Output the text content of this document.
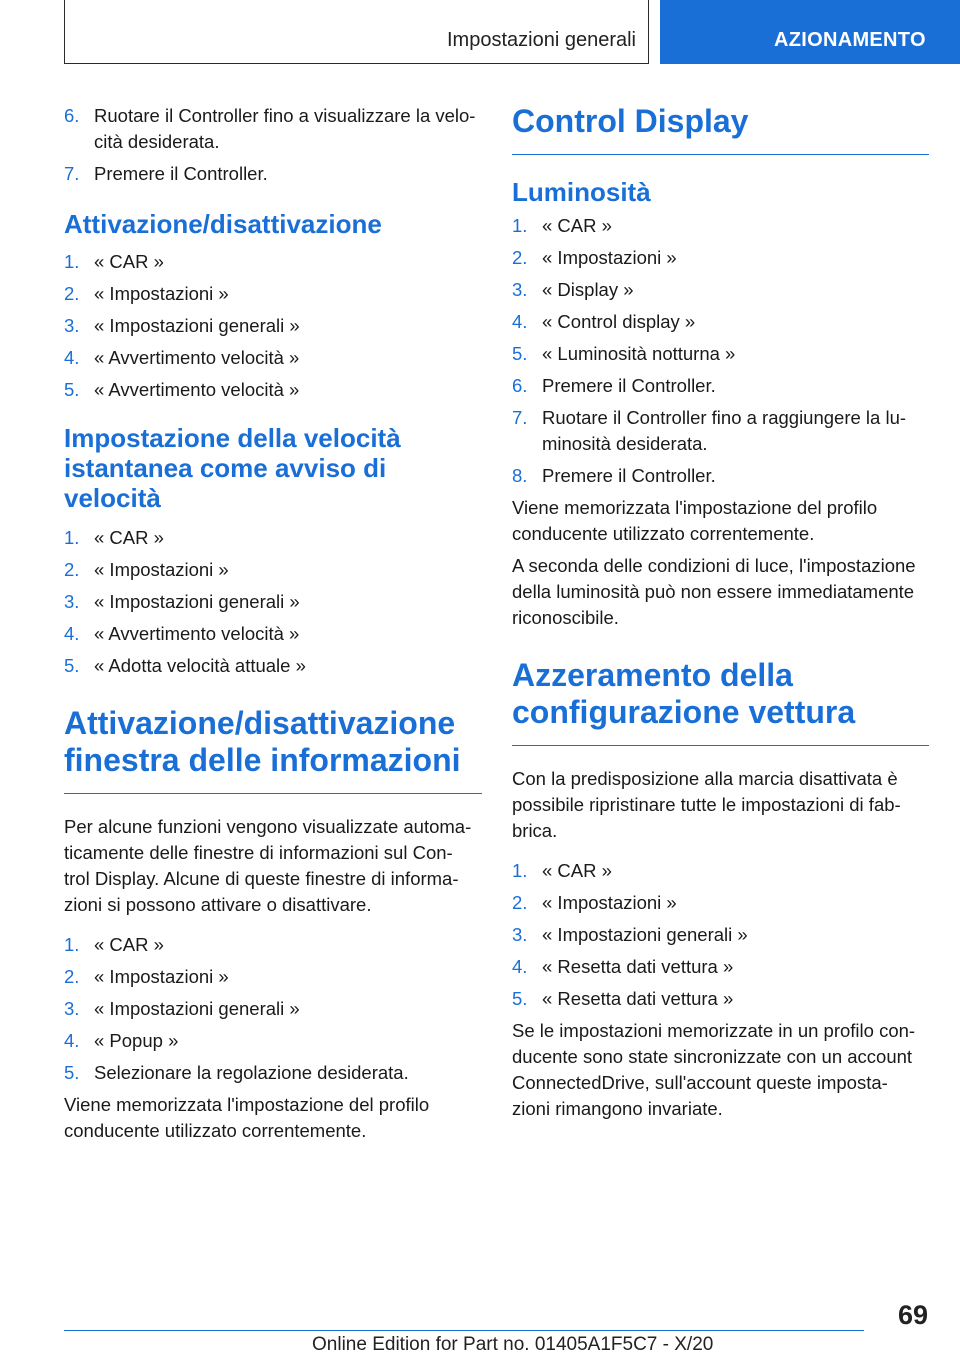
Impostazioni generali	AZIONAMENTO
6. Ruotare il Controller fino a visualizzare la velo-
cità desiderata.
7. Premere il Controller.
Attivazione/disattivazione
1. « CAR »
2. « Impostazioni »
3. « Impostazioni generali »
4. « Avvertimento velocità »
5. « Avvertimento velocità »
Impostazione della velocità istantanea come avviso di velocità
1. « CAR »
2. « Impostazioni »
3. « Impostazioni generali »
4. « Avvertimento velocità »
5. « Adotta velocità attuale »
Attivazione/disattivazione finestra delle informazioni
Per alcune funzioni vengono visualizzate automa-
ticamente delle finestre di informazioni sul Con-
trol Display. Alcune di queste finestre di informa-
zioni si possono attivare o disattivare.
1. « CAR »
2. « Impostazioni »
3. « Impostazioni generali »
4. « Popup »
5. Selezionare la regolazione desiderata.
Viene memorizzata l'impostazione del profilo
conducente utilizzato correntemente.
Control Display
Luminosità
1. « CAR »
2. « Impostazioni »
3. « Display »
4. « Control display »
5. « Luminosità notturna »
6. Premere il Controller.
7. Ruotare il Controller fino a raggiungere la lu-
minosità desiderata.
8. Premere il Controller.
Viene memorizzata l'impostazione del profilo
conducente utilizzato correntemente.
A seconda delle condizioni di luce, l'impostazione
della luminosità può non essere immediatamente
riconoscibile.
Azzeramento della configurazione vettura
Con la predisposizione alla marcia disattivata è
possibile ripristinare tutte le impostazioni di fab-
brica.
1. « CAR »
2. « Impostazioni »
3. « Impostazioni generali »
4. « Resetta dati vettura »
5. « Resetta dati vettura »
Se le impostazioni memorizzate in un profilo con-
ducente sono state sincronizzate con un account
ConnectedDrive, sull'account queste imposta-
zioni rimangono invariate.
69
Online Edition for Part no. 01405A1F5C7 - X/20
